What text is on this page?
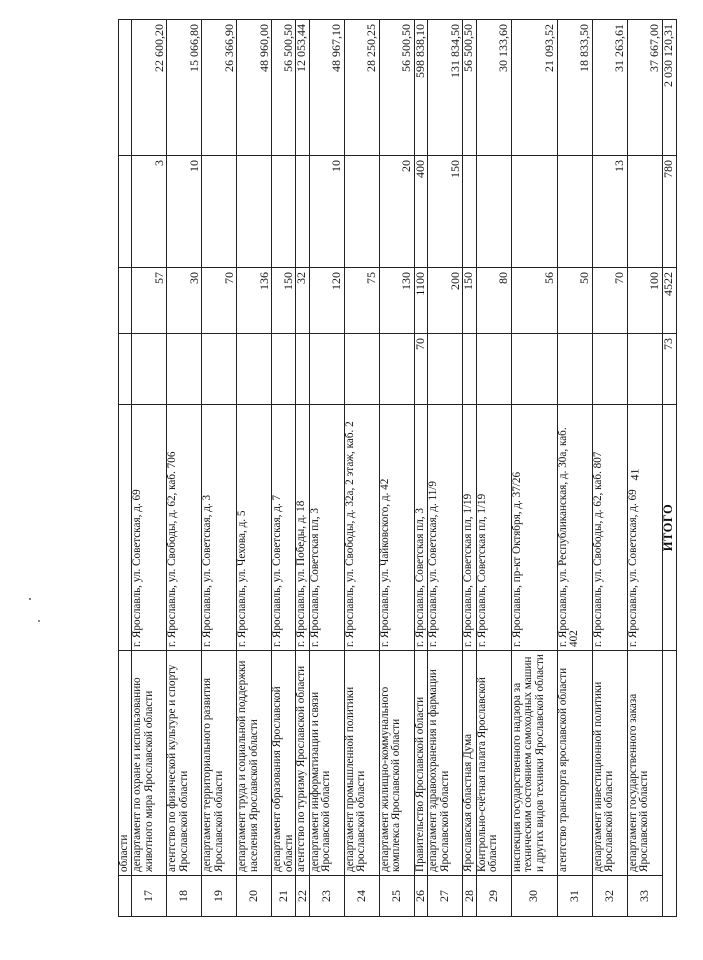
	области					
17	департамент по охране и использованию животного мира Ярославской области	г. Ярославль, ул. Советская, д. 69		57	3	22 600,20
18	агентство по физической культуре и спорту Ярославской области	г. Ярославль, ул. Свободы, д. 62, каб. 706		30	10	15 066,80
19	департамент территориального развития Ярославской области	г. Ярославль, ул. Советская, д. 3		70		26 366,90
20	департамент труда и социальной поддержки населения Ярославской области	г. Ярославль, ул. Чехова, д. 5		136		48 960,00
21	департамент образования Ярославской области	г. Ярославль, ул. Советская, д. 7		150		56 500,50
22	агентство по туризму Ярославской области	г. Ярославль, ул. Победы, д. 18		32		12 053,44
23	департамент информатизации и связи Ярославской области	г. Ярославль, Советская пл, 3		120	10	48 967,10
24	департамент промышленной политики Ярославской области	г. Ярославль, ул. Свободы, д. 32а, 2 этаж, каб. 2		75		28 250,25
25	департамент жилищно-коммунального комплекса Ярославской области	г. Ярославль, ул. Чайковского, д. 42		130	20	56 500,50
26	Правительство Ярославской области	г. Ярославль, Советская пл, 3	70	1100	400	598 838,10
27	департамент здравоохранения и фармации Ярославской области	г. Ярославль, ул. Советская, д. 11/9		200	150	131 834,50
28	Ярославская областная Дума	г. Ярославль, Советская пл, 1/19		150		56 500,50
29	Контрольно-счётная палата Ярославской области	г. Ярославль, Советская пл, 1/19		80		30 133,60
30	инспекция государственного надзора за техническим состоянием самоходных машин и других видов техники Ярославской области	г. Ярославль, пр-кт Октября, д. 37/26		56		21 093,52
31	агентство транспорта ярославской области	г. Ярославль, ул. Республиканская, д. 30а, каб. 402		50		18 833,50
32	департамент инвестиционной политики Ярославской области	г. Ярославль, ул. Свободы, д. 62, каб. 807		70	13	31 263,61
33	департамент государственного заказа Ярославской области	г. Ярославль, ул. Советская, д. 69		100		37 667,00
		ИТОГО	73	4522	780	2 030 120,31
41
